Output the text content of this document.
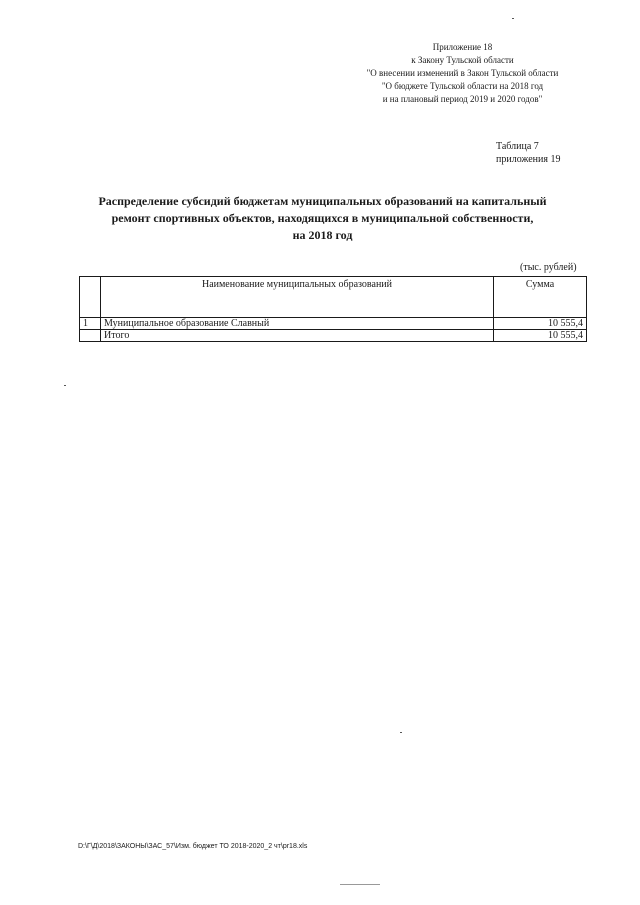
Приложение 18
к Закону Тульской области
"О внесении изменений в Закон Тульской области
"О бюджете Тульской области на 2018 год
и на плановый период 2019 и 2020 годов"
Таблица 7
приложения 19
Распределение субсидий бюджетам муниципальных образований на капитальный
ремонт спортивных объектов, находящихся в муниципальной собственности,
на 2018 год
(тыс. рублей)
	Наименование муниципальных образований	Сумма
1	Муниципальное образование Славный	10 555,4
	Итого	10 555,4
D:\Г\Д\2018\ЗАКОНЫ\ЗАС_57\Изм. бюджет ТО 2018-2020_2 чт\pr18.xls
